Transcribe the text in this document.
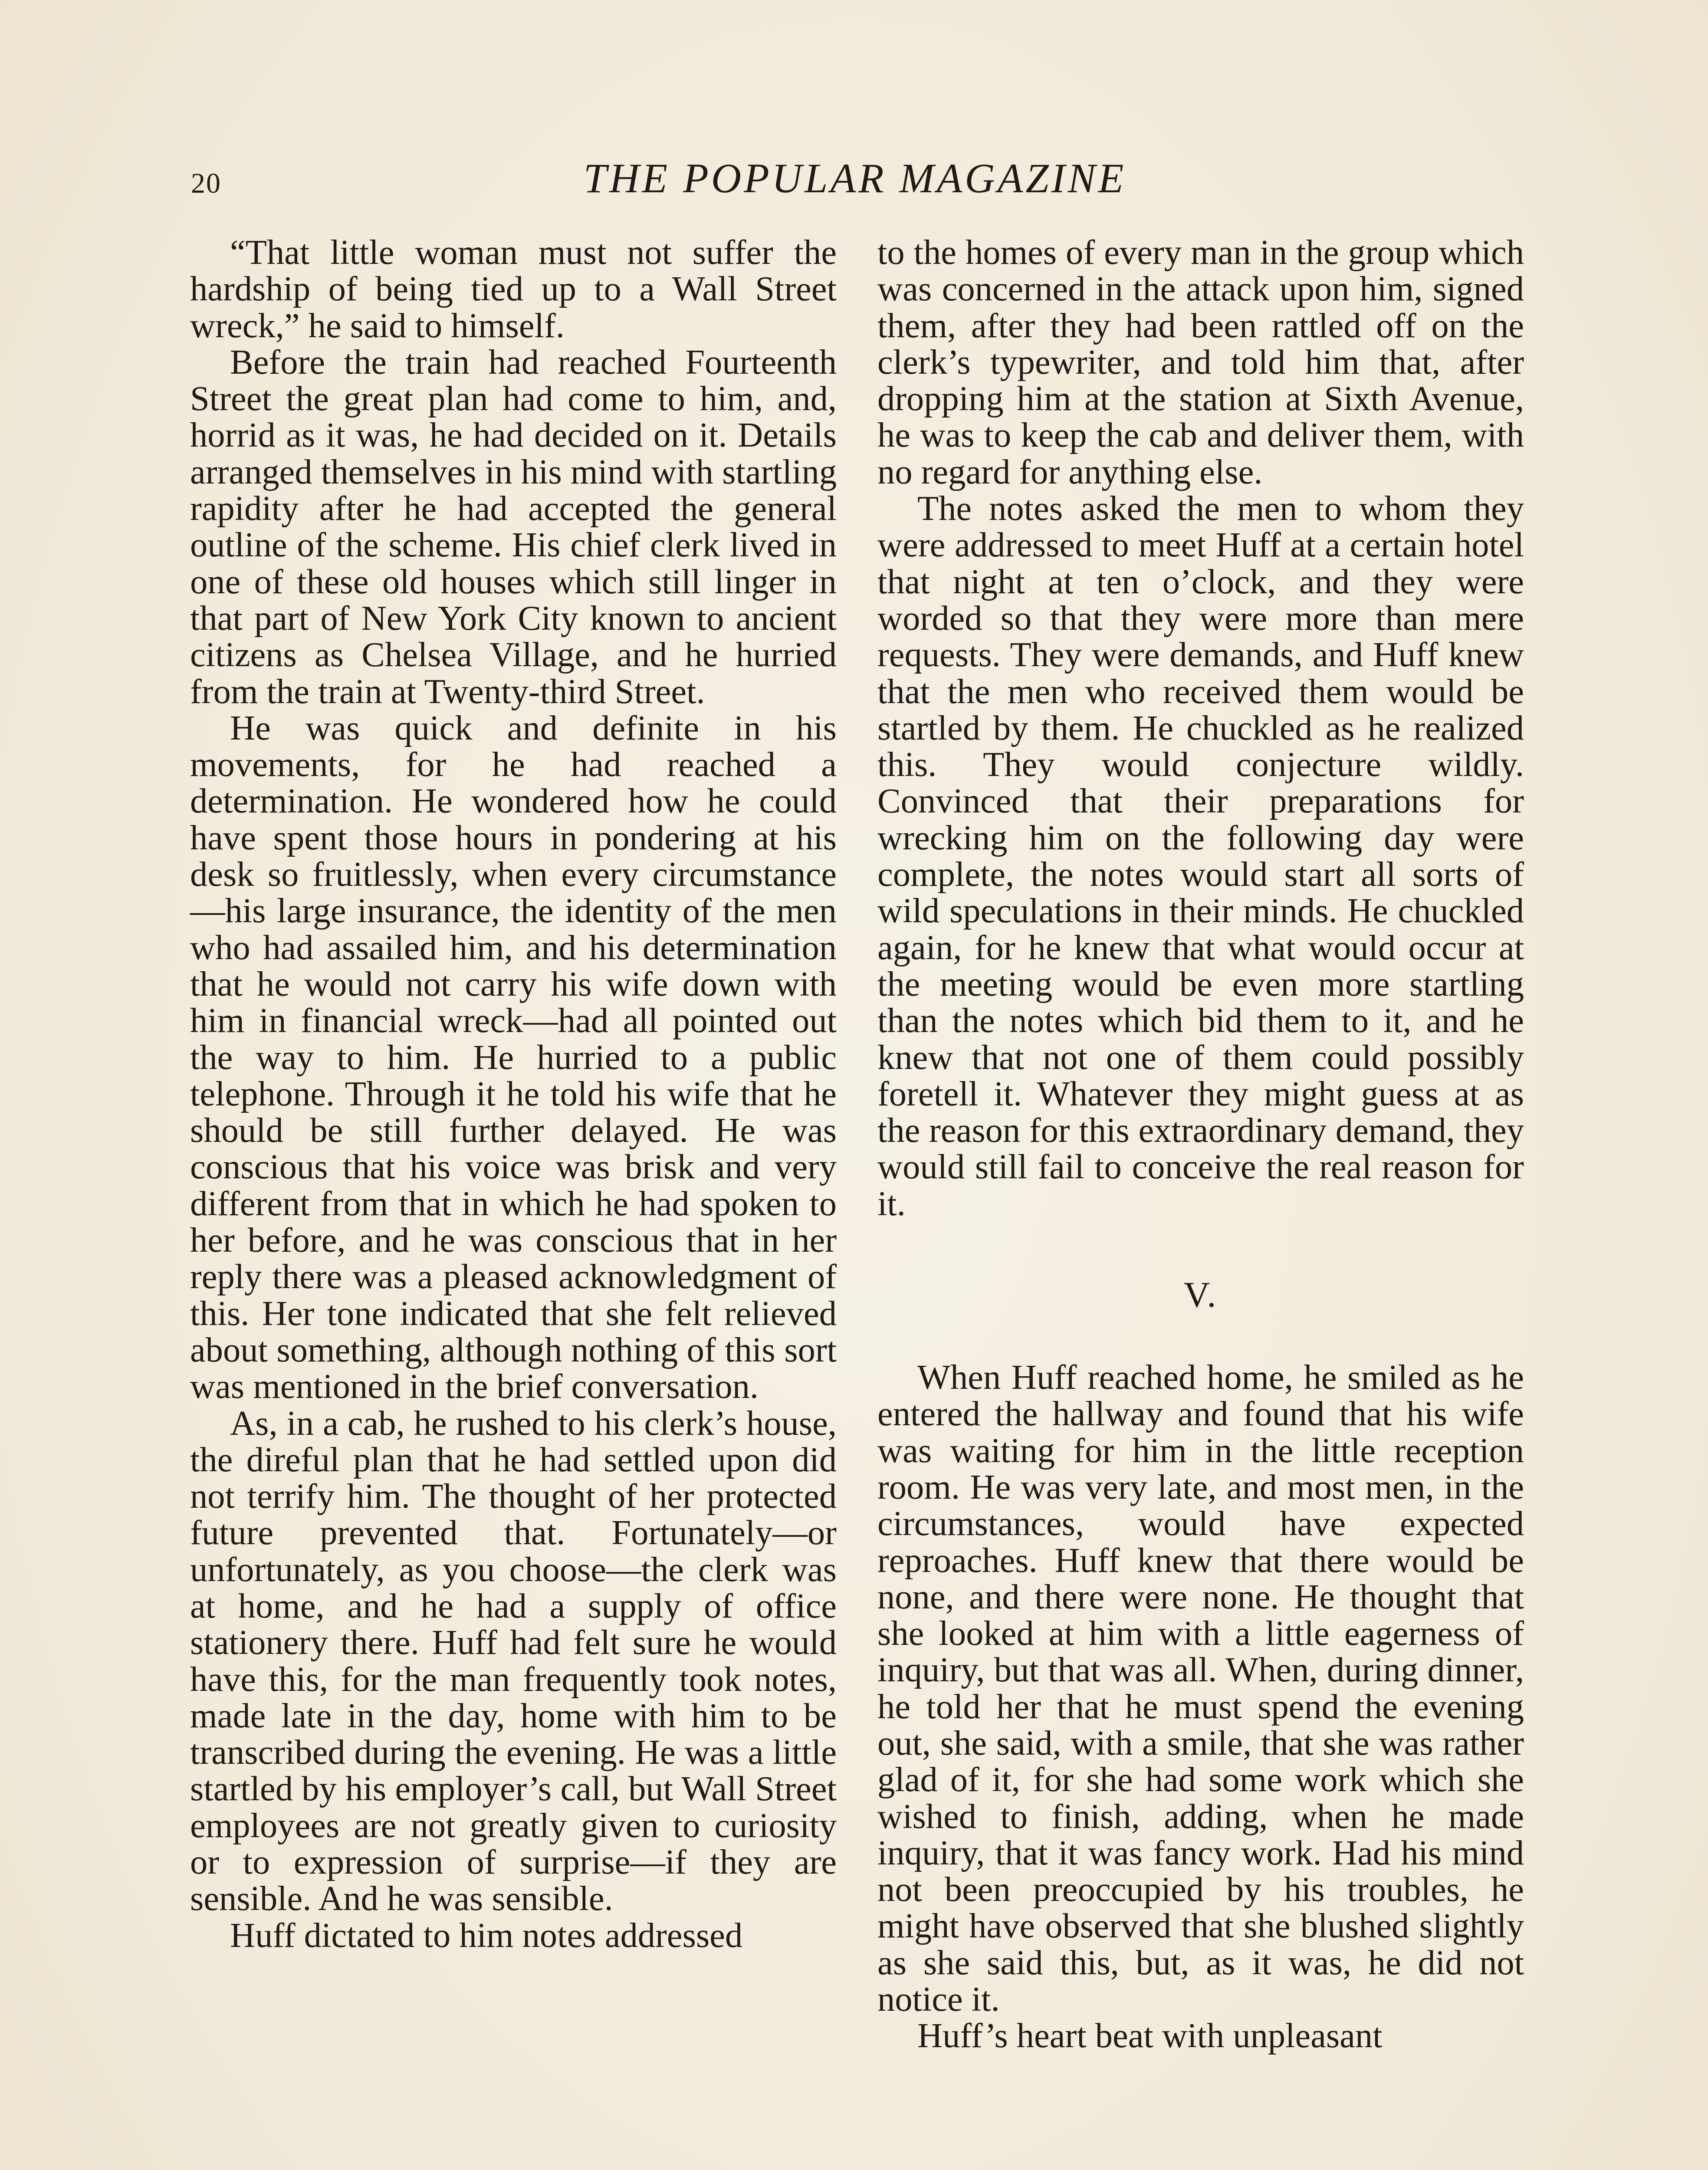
20	THE POPULAR MAGAZINE

“That little woman must not suffer the hardship of being tied up to a Wall Street wreck,” he said to himself.

Before the train had reached Fourteenth Street the great plan had come to him, and, horrid as it was, he had decided on it. Details arranged themselves in his mind with startling rapidity after he had accepted the general outline of the scheme. His chief clerk lived in one of these old houses which still linger in that part of New York City known to ancient citizens as Chelsea Village, and he hurried from the train at Twenty-third Street.

He was quick and definite in his movements, for he had reached a determination. He wondered how he could have spent those hours in pondering at his desk so fruitlessly, when every circumstance—his large insurance, the identity of the men who had assailed him, and his determination that he would not carry his wife down with him in financial wreck—had all pointed out the way to him. He hurried to a public telephone. Through it he told his wife that he should be still further delayed. He was conscious that his voice was brisk and very different from that in which he had spoken to her before, and he was conscious that in her reply there was a pleased acknowledgment of this. Her tone indicated that she felt relieved about something, although nothing of this sort was mentioned in the brief conversation.

As, in a cab, he rushed to his clerk’s house, the direful plan that he had settled upon did not terrify him. The thought of her protected future prevented that. Fortunately—or unfortunately, as you choose—the clerk was at home, and he had a supply of office stationery there. Huff had felt sure he would have this, for the man frequently took notes, made late in the day, home with him to be transcribed during the evening. He was a little startled by his employer’s call, but Wall Street employees are not greatly given to curiosity or to expression of surprise—if they are sensible. And he was sensible.

Huff dictated to him notes addressed

to the homes of every man in the group which was concerned in the attack upon him, signed them, after they had been rattled off on the clerk’s typewriter, and told him that, after dropping him at the station at Sixth Avenue, he was to keep the cab and deliver them, with no regard for anything else.

The notes asked the men to whom they were addressed to meet Huff at a certain hotel that night at ten o’clock, and they were worded so that they were more than mere requests. They were demands, and Huff knew that the men who received them would be startled by them. He chuckled as he realized this. They would conjecture wildly. Convinced that their preparations for wrecking him on the following day were complete, the notes would start all sorts of wild speculations in their minds. He chuckled again, for he knew that what would occur at the meeting would be even more startling than the notes which bid them to it, and he knew that not one of them could possibly foretell it. Whatever they might guess at as the reason for this extraordinary demand, they would still fail to conceive the real reason for it.

V.

When Huff reached home, he smiled as he entered the hallway and found that his wife was waiting for him in the little reception room. He was very late, and most men, in the circumstances, would have expected reproaches. Huff knew that there would be none, and there were none. He thought that she looked at him with a little eagerness of inquiry, but that was all. When, during dinner, he told her that he must spend the evening out, she said, with a smile, that she was rather glad of it, for she had some work which she wished to finish, adding, when he made inquiry, that it was fancy work. Had his mind not been preoccupied by his troubles, he might have observed that she blushed slightly as she said this, but, as it was, he did not notice it.

Huff’s heart beat with unpleasant
